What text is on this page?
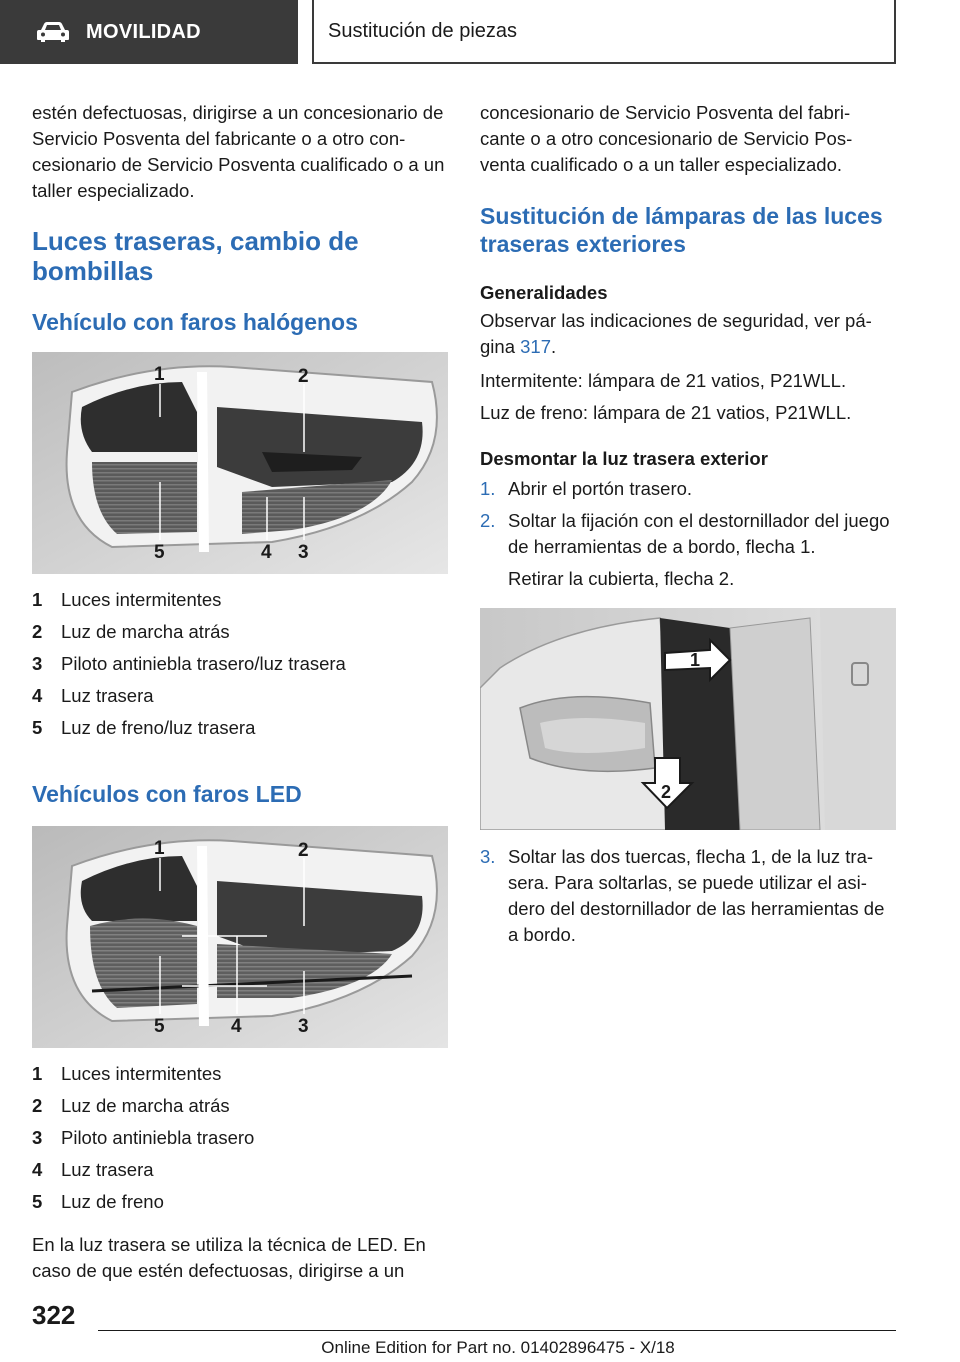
MOVILIDAD	Sustitución de piezas

estén defectuosas, dirigirse a un concesionario de Servicio Posventa del fabricante o a otro con‐ cesionario de Servicio Posventa cualificado o a un taller especializado.

Luces traseras, cambio de bombillas
Vehículo con faros halógenos
1	2
3
4
5
1	Luces intermitentes
2	Luz de marcha atrás
3	Piloto antiniebla trasero/luz trasera
4	Luz trasera
5	Luz de freno/luz trasera
Vehículos con faros LED
1	2
3
4
5
1	Luces intermitentes
2	Luz de marcha atrás
3	Piloto antiniebla trasero
4	Luz trasera
5	Luz de freno

En la luz trasera se utiliza la técnica de LED. En caso de que estén defectuosas, dirigirse a un

concesionario de Servicio Posventa del fabri‐ cante o a otro concesionario de Servicio Pos‐ venta cualificado o a un taller especializado.

Sustitución de lámparas de las luces traseras exteriores
Generalidades

Observar las indicaciones de seguridad, ver pá‐ gina 317.

Intermitente: lámpara de 21 vatios, P21WLL.

Luz de freno: lámpara de 21 vatios, P21WLL.

Desmontar la luz trasera exterior
1. Abrir el portón trasero.
2. Soltar la fijación con el destornillador del juego de herramientas de a bordo, flecha 1.

Retirar la cubierta, flecha 2.

1
2
3. Soltar las dos tuercas, flecha 1, de la luz tra‐ sera. Para soltarlas, se puede utilizar el asi‐ dero del destornillador de las herramientas de a bordo.
322
Online Edition for Part no. 01402896475 - X/18
